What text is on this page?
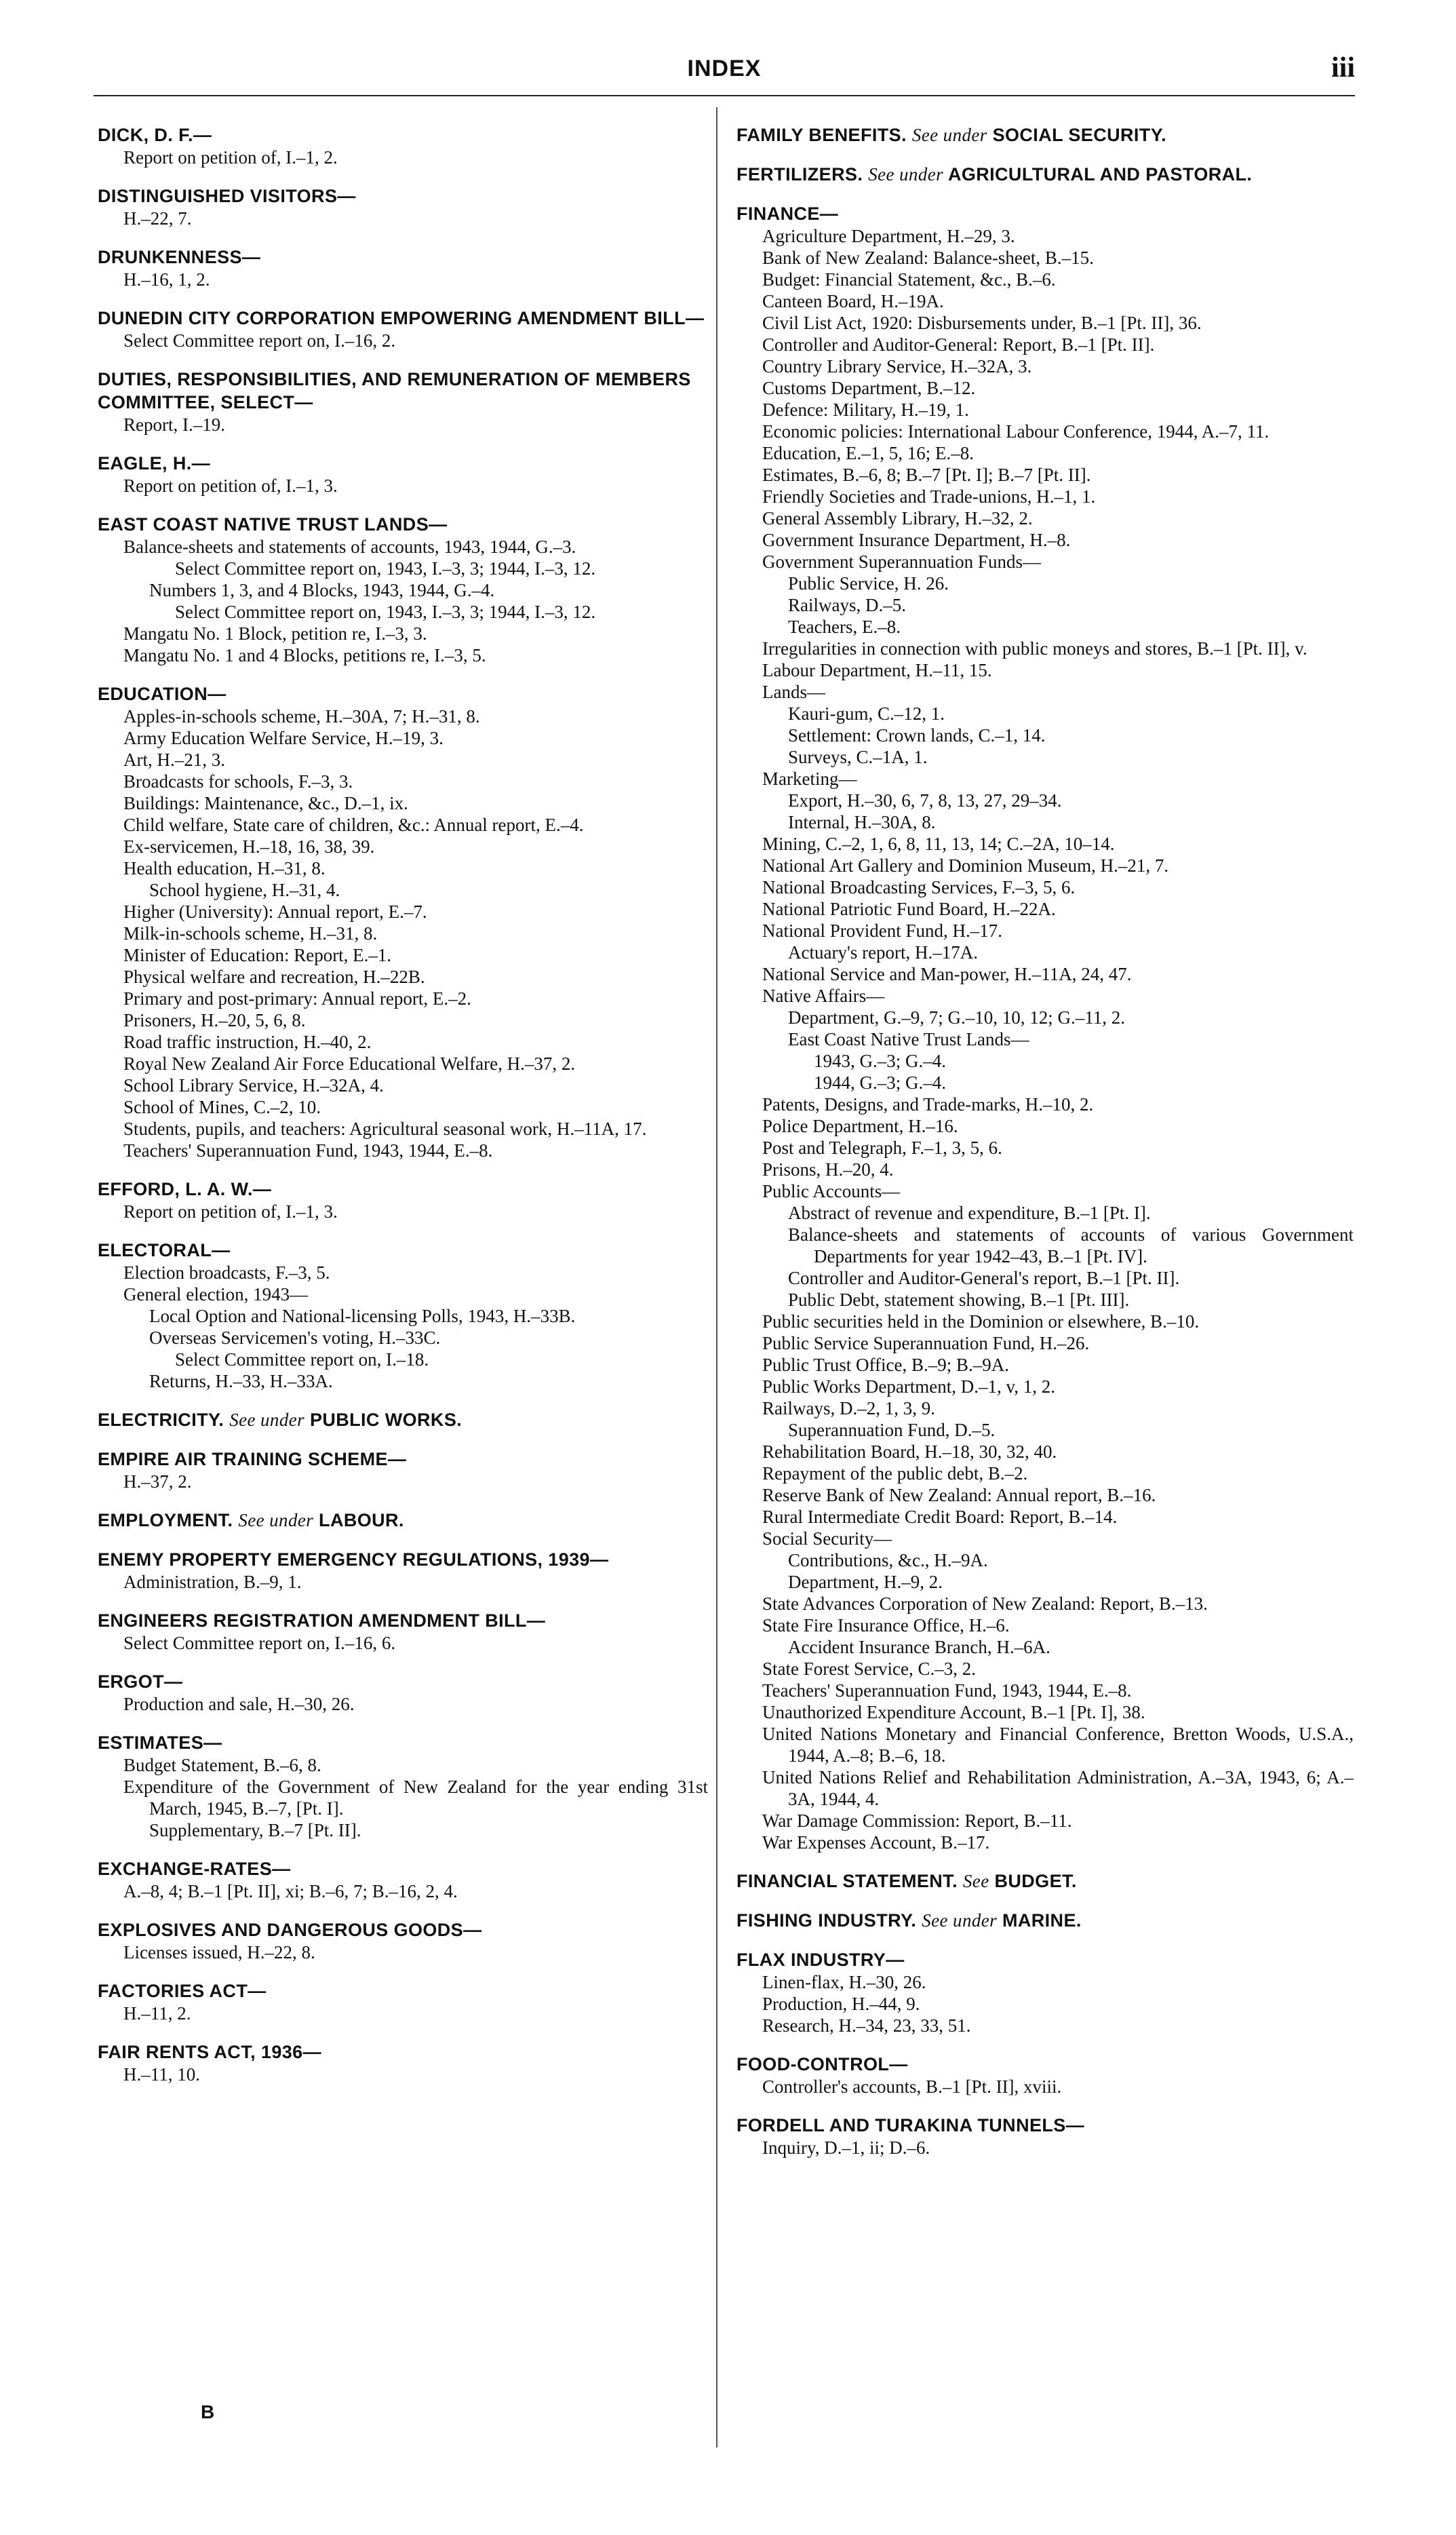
INDEX	iii
DICK, D. F.—
Report on petition of, I.–1, 2.
DISTINGUISHED VISITORS—
H.–22, 7.
DRUNKENNESS—
H.–16, 1, 2.
DUNEDIN CITY CORPORATION EMPOWERING AMENDMENT BILL—
Select Committee report on, I.–16, 2.
DUTIES, RESPONSIBILITIES, AND REMUNERATION OF MEMBERS COMMITTEE, SELECT—
Report, I.–19.
EAGLE, H.—
Report on petition of, I.–1, 3.
EAST COAST NATIVE TRUST LANDS—
Balance-sheets and statements of accounts, 1943, 1944, G.–3.
Select Committee report on, 1943, I.–3, 3; 1944, I.–3, 12.
Numbers 1, 3, and 4 Blocks, 1943, 1944, G.–4.
Select Committee report on, 1943, I.–3, 3; 1944, I.–3, 12.
Mangatu No. 1 Block, petition re, I.–3, 3.
Mangatu No. 1 and 4 Blocks, petitions re, I.–3, 5.
EDUCATION—
Apples-in-schools scheme, H.–30A, 7; H.–31, 8.
Army Education Welfare Service, H.–19, 3.
Art, H.–21, 3.
Broadcasts for schools, F.–3, 3.
Buildings: Maintenance, &c., D.–1, ix.
Child welfare, State care of children, &c.: Annual report, E.–4.
Ex-servicemen, H.–18, 16, 38, 39.
Health education, H.–31, 8.
School hygiene, H.–31, 4.
Higher (University): Annual report, E.–7.
Milk-in-schools scheme, H.–31, 8.
Minister of Education: Report, E.–1.
Physical welfare and recreation, H.–22B.
Primary and post-primary: Annual report, E.–2.
Prisoners, H.–20, 5, 6, 8.
Road traffic instruction, H.–40, 2.
Royal New Zealand Air Force Educational Welfare, H.–37, 2.
School Library Service, H.–32A, 4.
School of Mines, C.–2, 10.
Students, pupils, and teachers: Agricultural seasonal work, H.–11A, 17.
Teachers' Superannuation Fund, 1943, 1944, E.–8.
EFFORD, L. A. W.—
Report on petition of, I.–1, 3.
ELECTORAL—
Election broadcasts, F.–3, 5.
General election, 1943—
Local Option and National-licensing Polls, 1943, H.–33B.
Overseas Servicemen's voting, H.–33C.
Select Committee report on, I.–18.
Returns, H.–33, H.–33A.
ELECTRICITY. See under PUBLIC WORKS.
EMPIRE AIR TRAINING SCHEME—
H.–37, 2.
EMPLOYMENT. See under LABOUR.
ENEMY PROPERTY EMERGENCY REGULATIONS, 1939—
Administration, B.–9, 1.
ENGINEERS REGISTRATION AMENDMENT BILL—
Select Committee report on, I.–16, 6.
ERGOT—
Production and sale, H.–30, 26.
ESTIMATES—
Budget Statement, B.–6, 8.
Expenditure of the Government of New Zealand for the year ending 31st March, 1945, B.–7, [Pt. I].
Supplementary, B.–7 [Pt. II].
EXCHANGE-RATES—
A.–8, 4; B.–1 [Pt. II], xi; B.–6, 7; B.–16, 2, 4.
EXPLOSIVES AND DANGEROUS GOODS—
Licenses issued, H.–22, 8.
FACTORIES ACT—
H.–11, 2.
FAIR RENTS ACT, 1936—
H.–11, 10.
FAMILY BENEFITS. See under SOCIAL SECURITY.
FERTILIZERS. See under AGRICULTURAL AND PASTORAL.
FINANCE—
Agriculture Department, H.–29, 3.
Bank of New Zealand: Balance-sheet, B.–15.
Budget: Financial Statement, &c., B.–6.
Canteen Board, H.–19A.
Civil List Act, 1920: Disbursements under, B.–1 [Pt. II], 36.
Controller and Auditor-General: Report, B.–1 [Pt. II].
Country Library Service, H.–32A, 3.
Customs Department, B.–12.
Defence: Military, H.–19, 1.
Economic policies: International Labour Conference, 1944, A.–7, 11.
Education, E.–1, 5, 16; E.–8.
Estimates, B.–6, 8; B.–7 [Pt. I]; B.–7 [Pt. II].
Friendly Societies and Trade-unions, H.–1, 1.
General Assembly Library, H.–32, 2.
Government Insurance Department, H.–8.
Government Superannuation Funds—
Public Service, H. 26.
Railways, D.–5.
Teachers, E.–8.
Irregularities in connection with public moneys and stores, B.–1 [Pt. II], v.
Labour Department, H.–11, 15.
Lands—
Kauri-gum, C.–12, 1.
Settlement: Crown lands, C.–1, 14.
Surveys, C.–1A, 1.
Marketing—
Export, H.–30, 6, 7, 8, 13, 27, 29–34.
Internal, H.–30A, 8.
Mining, C.–2, 1, 6, 8, 11, 13, 14; C.–2A, 10–14.
National Art Gallery and Dominion Museum, H.–21, 7.
National Broadcasting Services, F.–3, 5, 6.
National Patriotic Fund Board, H.–22A.
National Provident Fund, H.–17.
Actuary's report, H.–17A.
National Service and Man-power, H.–11A, 24, 47.
Native Affairs—
Department, G.–9, 7; G.–10, 10, 12; G.–11, 2.
East Coast Native Trust Lands—
1943, G.–3; G.–4.
1944, G.–3; G.–4.
Patents, Designs, and Trade-marks, H.–10, 2.
Police Department, H.–16.
Post and Telegraph, F.–1, 3, 5, 6.
Prisons, H.–20, 4.
Public Accounts—
Abstract of revenue and expenditure, B.–1 [Pt. I].
Balance-sheets and statements of accounts of various Government Departments for year 1942–43, B.–1 [Pt. IV].
Controller and Auditor-General's report, B.–1 [Pt. II].
Public Debt, statement showing, B.–1 [Pt. III].
Public securities held in the Dominion or elsewhere, B.–10.
Public Service Superannuation Fund, H.–26.
Public Trust Office, B.–9; B.–9A.
Public Works Department, D.–1, v, 1, 2.
Railways, D.–2, 1, 3, 9.
Superannuation Fund, D.–5.
Rehabilitation Board, H.–18, 30, 32, 40.
Repayment of the public debt, B.–2.
Reserve Bank of New Zealand: Annual report, B.–16.
Rural Intermediate Credit Board: Report, B.–14.
Social Security—
Contributions, &c., H.–9A.
Department, H.–9, 2.
State Advances Corporation of New Zealand: Report, B.–13.
State Fire Insurance Office, H.–6.
Accident Insurance Branch, H.–6A.
State Forest Service, C.–3, 2.
Teachers' Superannuation Fund, 1943, 1944, E.–8.
Unauthorized Expenditure Account, B.–1 [Pt. I], 38.
United Nations Monetary and Financial Conference, Bretton Woods, U.S.A., 1944, A.–8; B.–6, 18.
United Nations Relief and Rehabilitation Administration, A.–3A, 1943, 6; A.–3A, 1944, 4.
War Damage Commission: Report, B.–11.
War Expenses Account, B.–17.
FINANCIAL STATEMENT. See BUDGET.
FISHING INDUSTRY. See under MARINE.
FLAX INDUSTRY—
Linen-flax, H.–30, 26.
Production, H.–44, 9.
Research, H.–34, 23, 33, 51.
FOOD-CONTROL—
Controller's accounts, B.–1 [Pt. II], xviii.
FORDELL AND TURAKINA TUNNELS—
Inquiry, D.–1, ii; D.–6.
B
